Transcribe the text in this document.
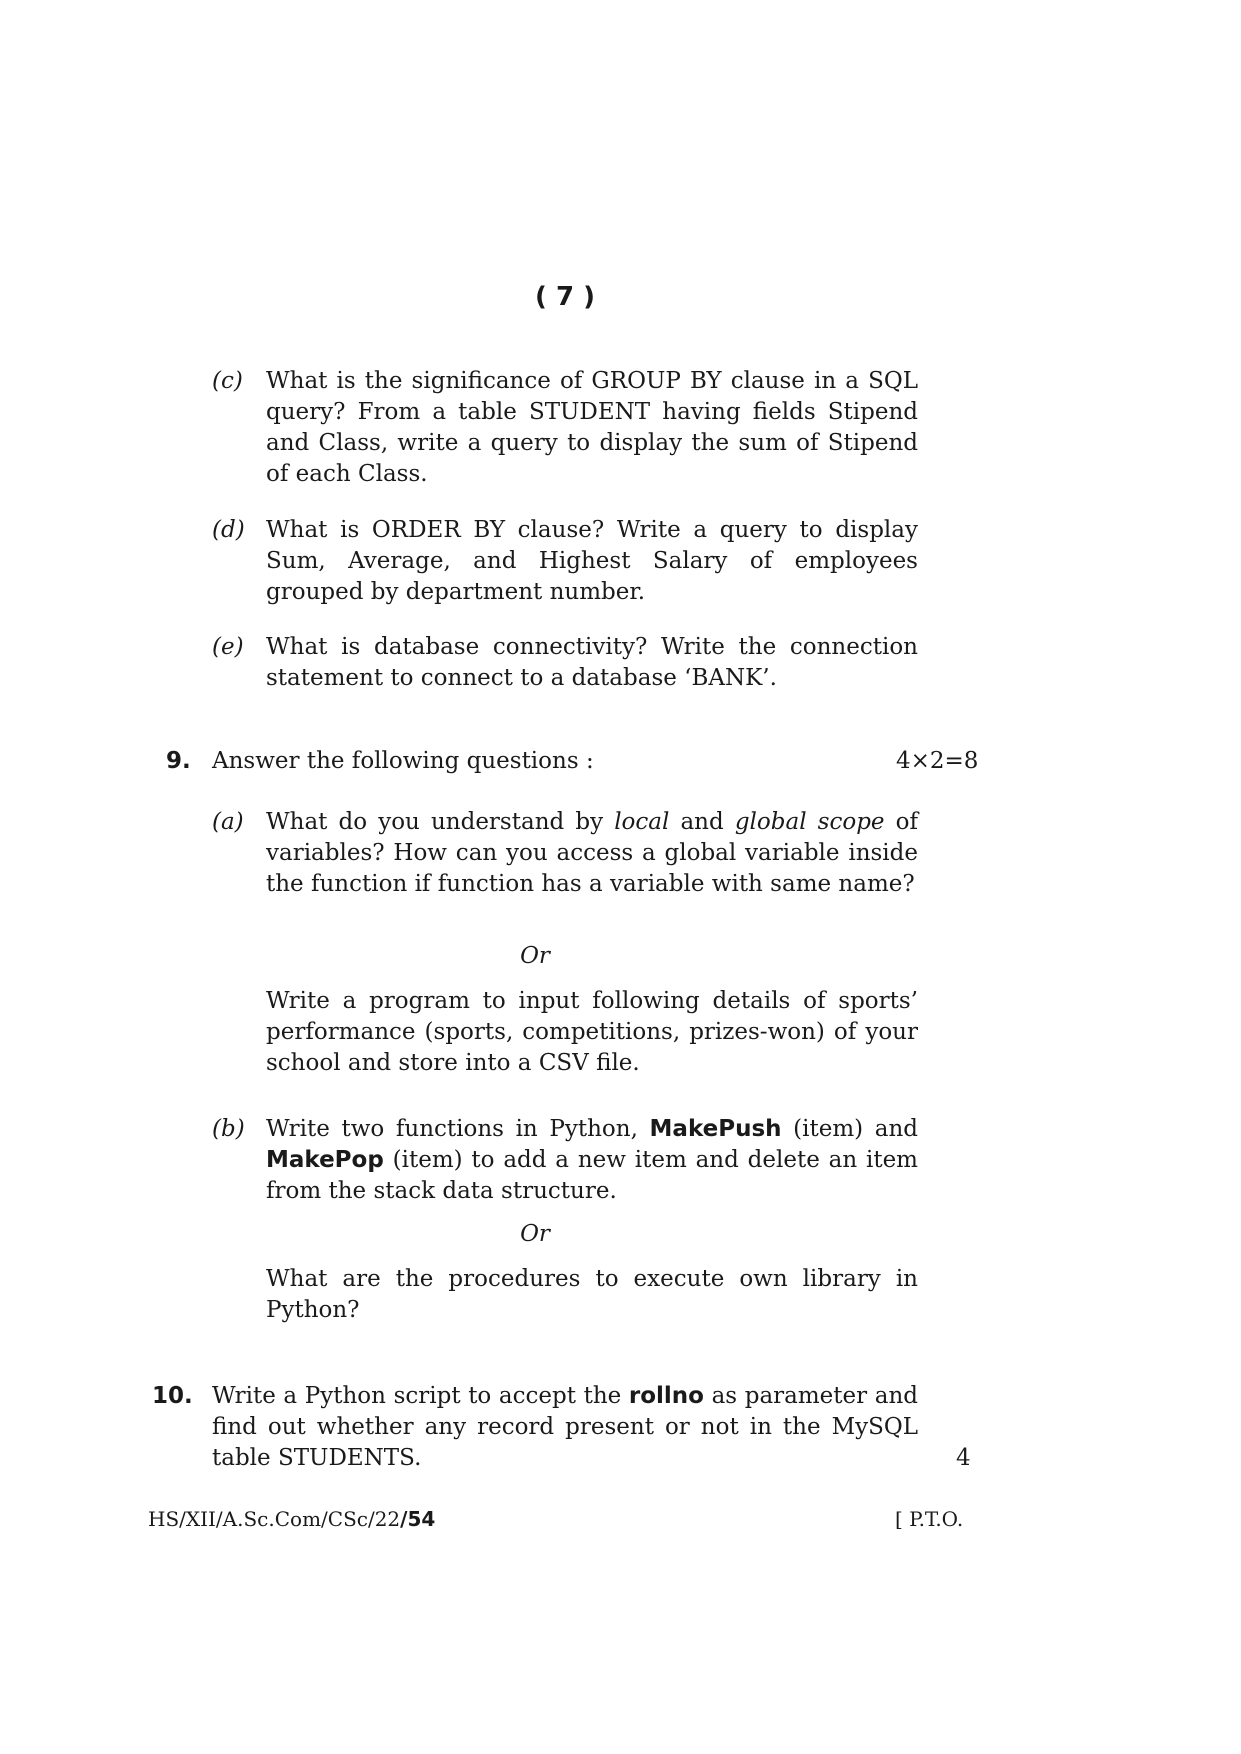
( 7 )
(c) What is the significance of GROUP BY clause in a SQL query? From a table STUDENT having fields Stipend and Class, write a query to display the sum of Stipend of each Class.
(d) What is ORDER BY clause? Write a query to display Sum, Average, and Highest Salary of employees grouped by department number.
(e) What is database connectivity? Write the connection statement to connect to a database ‘BANK’.
9. Answer the following questions :	4×2=8
(a) What do you understand by local and global scope of variables? How can you access a global variable inside the function if function has a variable with same name?
Or
Write a program to input following details of sports’ performance (sports, competitions, prizes-won) of your school and store into a CSV file.
(b) Write two functions in Python, MakePush (item) and MakePop (item) to add a new item and delete an item from the stack data structure.
Or
What are the procedures to execute own library in Python?
10. Write a Python script to accept the rollno as parameter and find out whether any record present or not in the MySQL table STUDENTS.	4
HS/XII/A.Sc.Com/CSc/22/54	[ P.T.O.
